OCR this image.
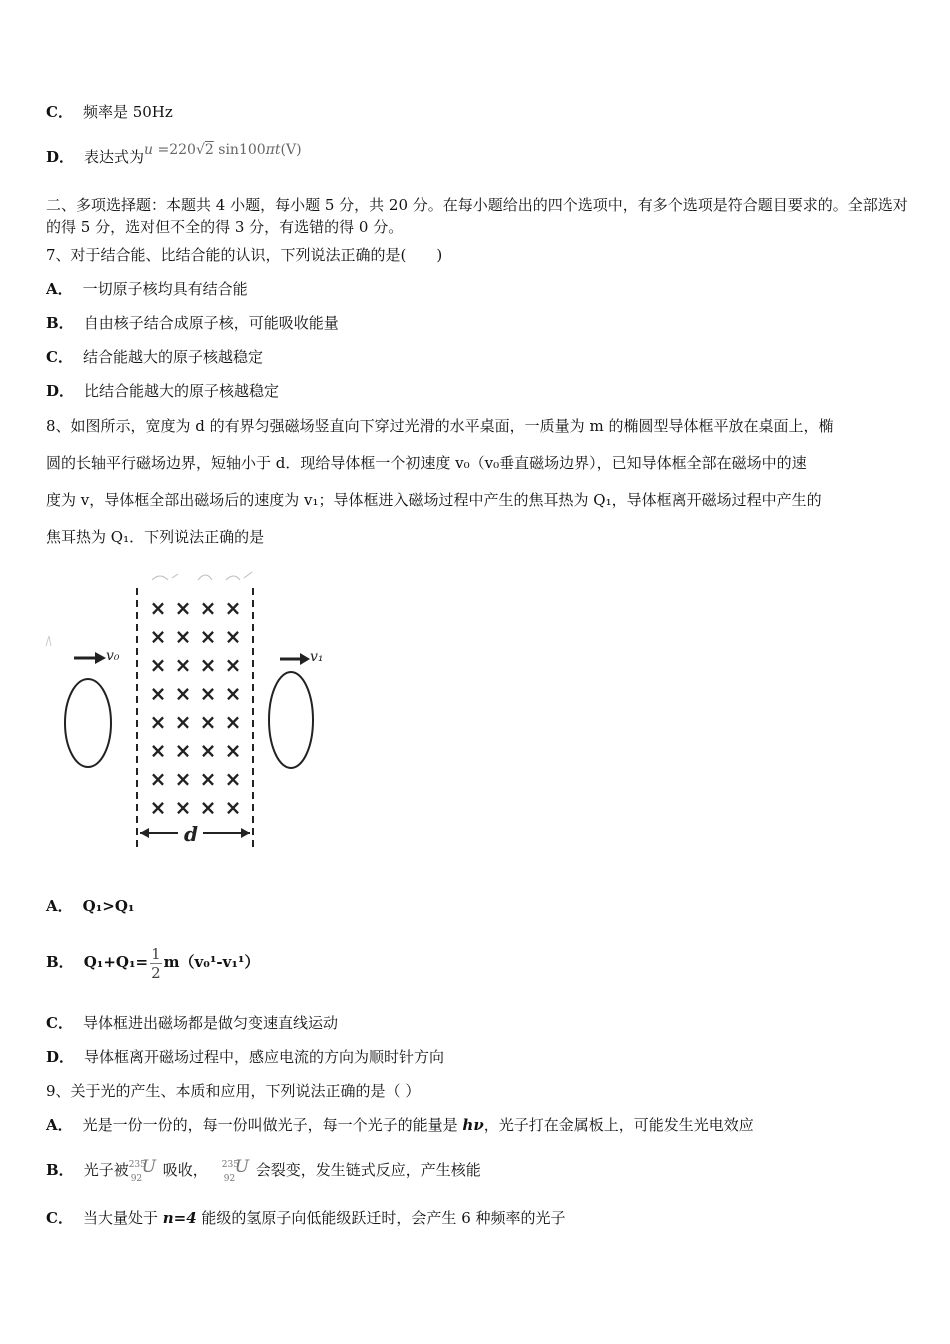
C． 频率是 50Hz
D． 表达式为u =220√2 sin100πt(V)
二、多项选择题：本题共 4 小题，每小题 5 分，共 20 分。在每小题给出的四个选项中，有多个选项是符合题目要求的。全部选对的得 5 分，选对但不全的得 3 分，有选错的得 0 分。
7、对于结合能、比结合能的认识，下列说法正确的是(　　)
A． 一切原子核均具有结合能
B． 自由核子结合成原子核，可能吸收能量
C． 结合能越大的原子核越稳定
D． 比结合能越大的原子核越稳定
8、如图所示，宽度为 d 的有界匀强磁场竖直向下穿过光滑的水平桌面，一质量为 m 的椭圆型导体框平放在桌面上，椭
圆的长轴平行磁场边界，短轴小于 d．现给导体框一个初速度 v₀（v₀垂直磁场边界），已知导体框全部在磁场中的速
度为 v，导体框全部出磁场后的速度为 v₁；导体框进入磁场过程中产生的焦耳热为 Q₁，导体框离开磁场过程中产生的
焦耳热为 Q₁．下列说法正确的是
× × × ×
× × × ×
× × × ×
× × × ×
× × × ×
× × × ×
× × × ×
× × × ×
v₀	v₁
d
A． Q₁>Q₁
B． $Q_1+Q_1= \frac{1}{2} m(v_0^1-v_1^1)$
C． 导体框进出磁场都是做匀变速直线运动
D． 导体框离开磁场过程中，感应电流的方向为顺时针方向
9、关于光的产生、本质和应用，下列说法正确的是（ ）
A． 光是一份一份的，每一份叫做光子，每一个光子的能量是 hν，光子打在金属板上，可能发生光电效应
B． 光子被 235
92
U 吸收， 235
92
U 会裂变，发生链式反应，产生核能
C． 当大量处于 n=4 能级的氢原子向低能级跃迁时，会产生 6 种频率的光子
